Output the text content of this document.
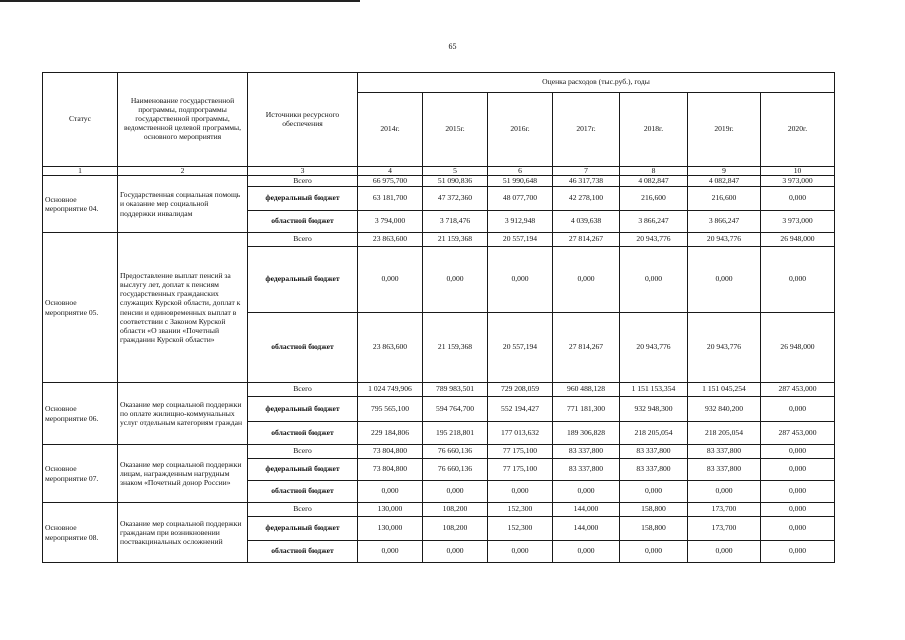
65
Статус	Наименование государственной программы, подпрограммы государственной программы, ведомственной целевой программы, основного мероприятия	Источники ресурсного обеспечения	Оценка расходов (тыс.руб.), годы						
			2014г.	2015г.	2016г.	2017г.	2018г.	2019г.	2020г.
1	2	3	4	5	6	7	8	9	10
Основное мероприятие 04.	Государственная социальная помощь и оказание мер социальной поддержки инвалидам	Всего	66 975,700	51 090,836	51 990,648	46 317,738	4 082,847	4 082,847	3 973,000
		федеральный бюджет	63 181,700	47 372,360	48 077,700	42 278,100	216,600	216,600	0,000
		областной бюджет	3 794,000	3 718,476	3 912,948	4 039,638	3 866,247	3 866,247	3 973,000
Основное мероприятие 05.	Предоставление выплат пенсий за выслугу лет, доплат к пенсиям государственных гражданских служащих Курской области, доплат к пенсии и единовременных выплат в соответствии с Законом Курской области «О звании «Почетный гражданин Курской области»	Всего	23 863,600	21 159,368	20 557,194	27 814,267	20 943,776	20 943,776	26 948,000
		федеральный бюджет	0,000	0,000	0,000	0,000	0,000	0,000	0,000
		областной бюджет	23 863,600	21 159,368	20 557,194	27 814,267	20 943,776	20 943,776	26 948,000
Основное мероприятие 06.	Оказание мер социальной поддержки по оплате жилищно-коммунальных услуг отдельным категориям граждан	Всего	1 024 749,906	789 983,501	729 208,059	960 488,128	1 151 153,354	1 151 045,254	287 453,000
		федеральный бюджет	795 565,100	594 764,700	552 194,427	771 181,300	932 948,300	932 840,200	0,000
		областной бюджет	229 184,806	195 218,801	177 013,632	189 306,828	218 205,054	218 205,054	287 453,000
Основное мероприятие 07.	Оказание мер социальной поддержки лицам, награжденным нагрудным знаком «Почетный донор России»	Всего	73 804,800	76 660,136	77 175,100	83 337,800	83 337,800	83 337,800	0,000
		федеральный бюджет	73 804,800	76 660,136	77 175,100	83 337,800	83 337,800	83 337,800	0,000
		областной бюджет	0,000	0,000	0,000	0,000	0,000	0,000	0,000
Основное мероприятие 08.	Оказание мер социальной поддержки гражданам при возникновении поствакцинальных осложнений	Всего	130,000	108,200	152,300	144,000	158,800	173,700	0,000
		федеральный бюджет	130,000	108,200	152,300	144,000	158,800	173,700	0,000
		областной бюджет	0,000	0,000	0,000	0,000	0,000	0,000	0,000
